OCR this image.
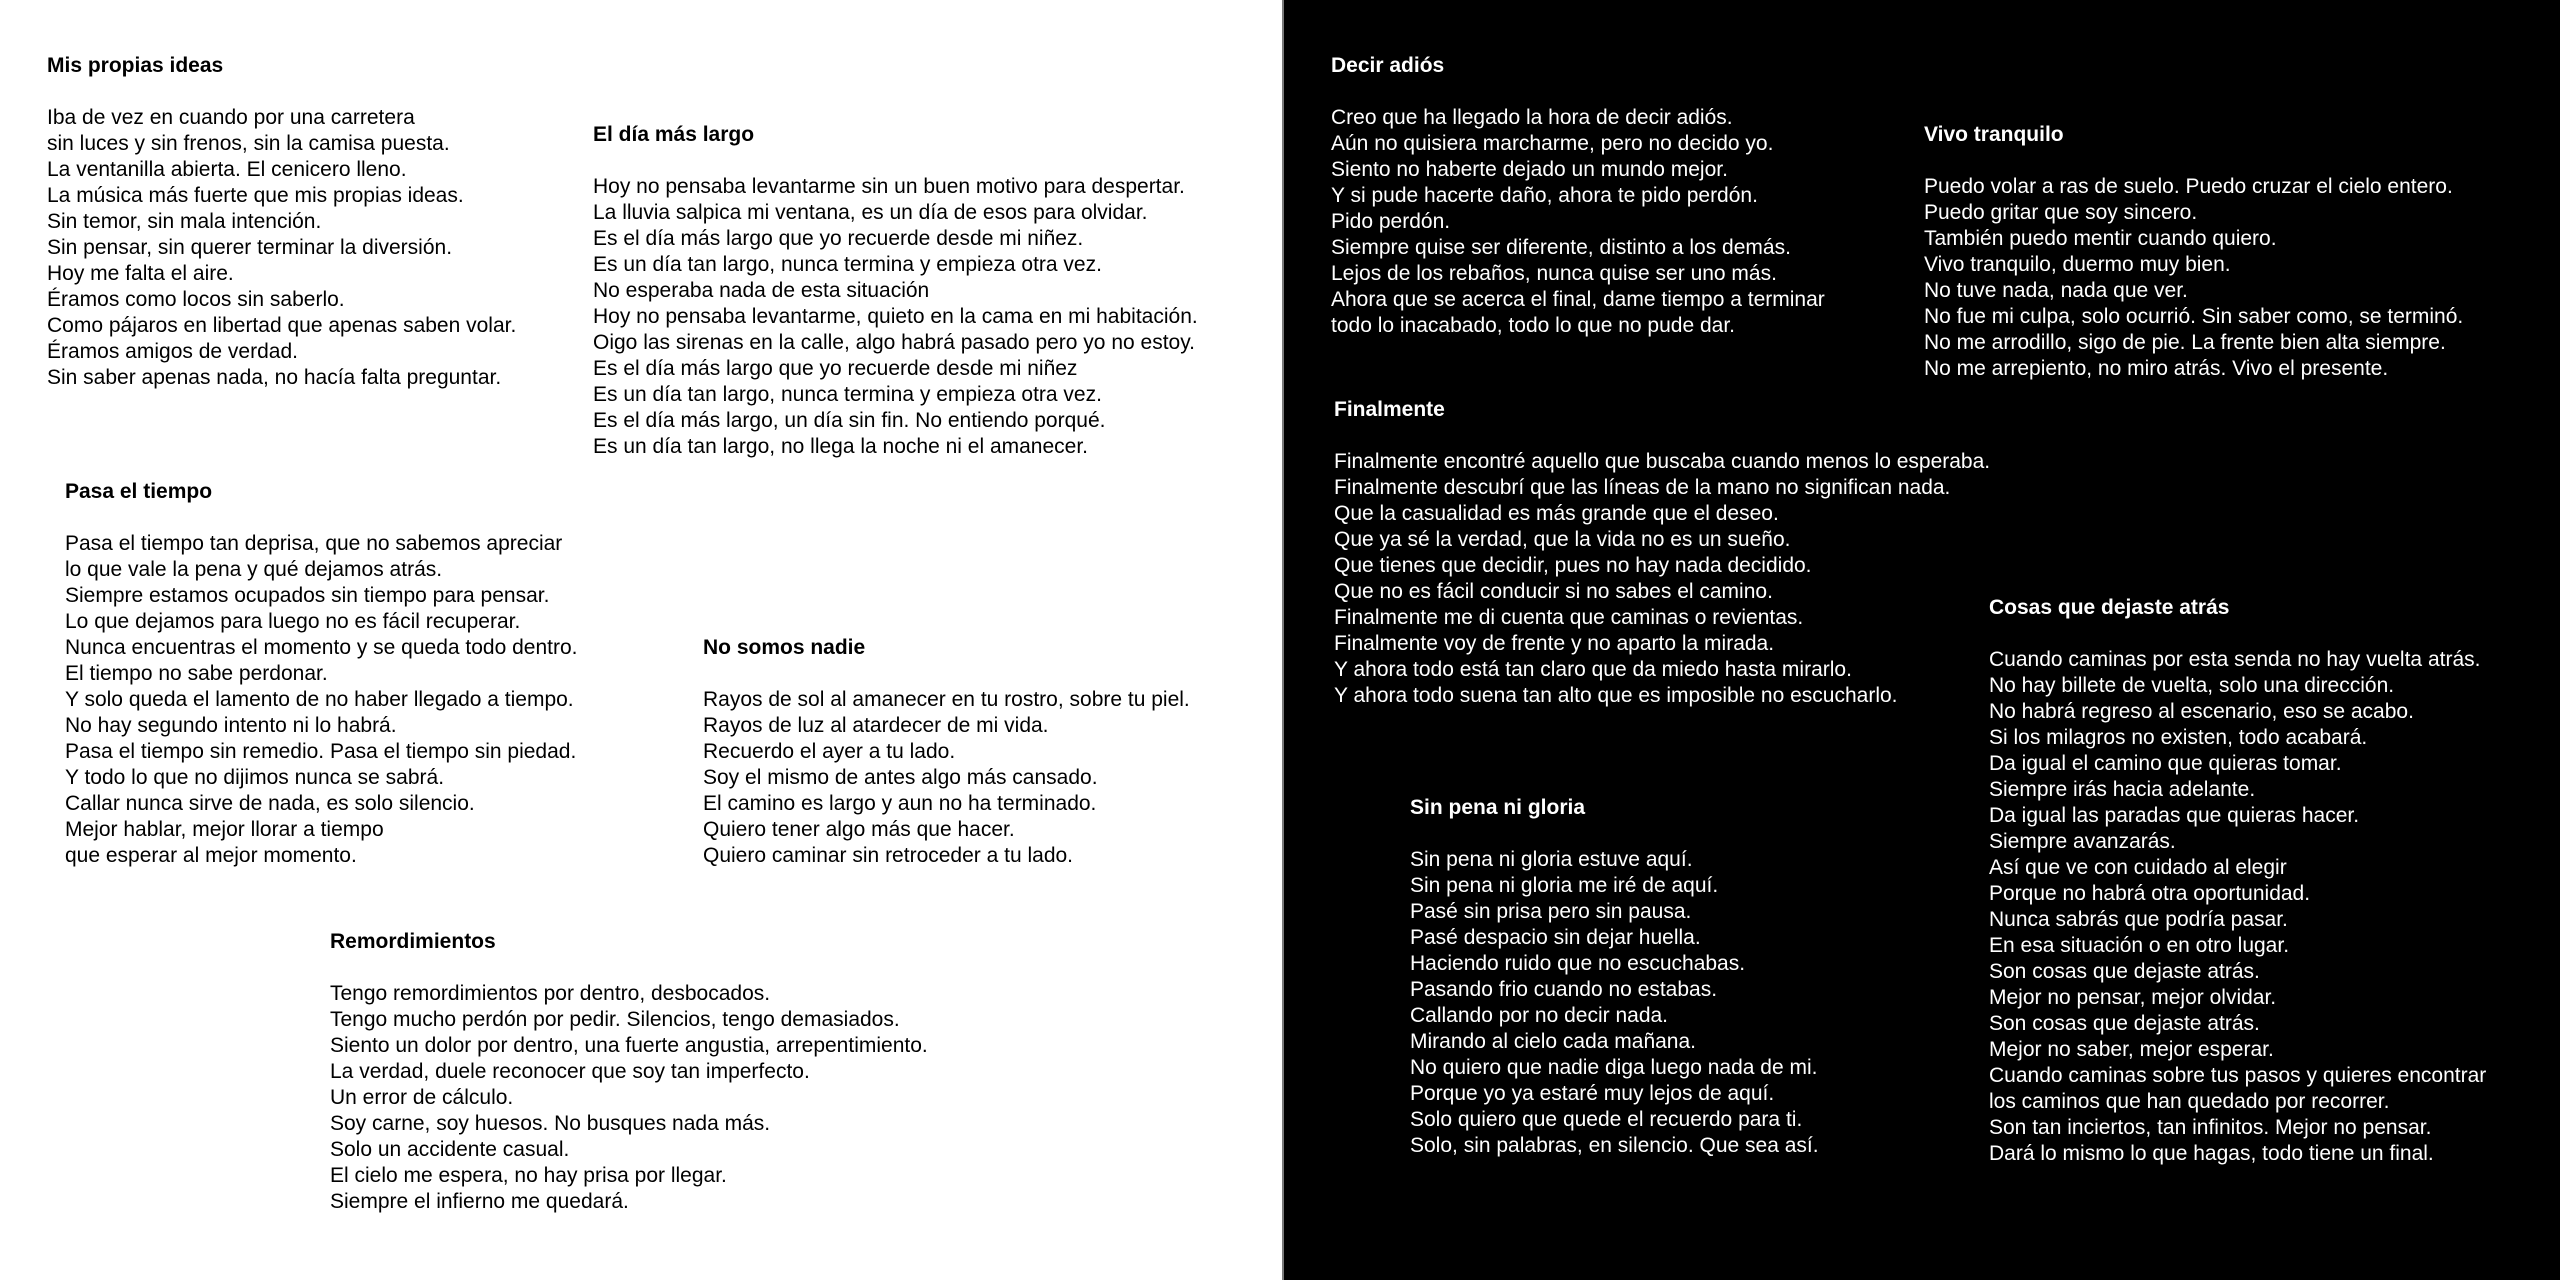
Mis propias ideas
Iba de vez en cuando por una carretera
sin luces y sin frenos, sin la camisa puesta.
La ventanilla abierta. El cenicero lleno.
La música más fuerte que mis propias ideas.
Sin temor, sin mala intención.
Sin pensar, sin querer terminar la diversión.
Hoy me falta el aire.
Éramos como locos sin saberlo.
Como pájaros en libertad que apenas saben volar.
Éramos amigos de verdad.
Sin saber apenas nada, no hacía falta preguntar.
El día más largo
Hoy no pensaba levantarme sin un buen motivo para despertar.
La lluvia salpica mi ventana, es un día de esos para olvidar.
Es el día más largo que yo recuerde desde mi niñez.
Es un día tan largo, nunca termina y empieza otra vez.
No esperaba nada de esta situación
Hoy no pensaba levantarme, quieto en la cama en mi habitación.
Oigo las sirenas en la calle, algo habrá pasado pero yo no estoy.
Es el día más largo que yo recuerde desde mi niñez
Es un día tan largo, nunca termina y empieza otra vez.
Es el día más largo, un día sin fin. No entiendo porqué.
Es un día tan largo, no llega la noche ni el amanecer.
Pasa el tiempo
Pasa el tiempo tan deprisa, que no sabemos apreciar
lo que vale la pena y qué dejamos atrás.
Siempre estamos ocupados sin tiempo para pensar.
Lo que dejamos para luego no es fácil recuperar.
Nunca encuentras el momento y se queda todo dentro.
El tiempo no sabe perdonar.
Y solo queda el lamento de no haber llegado a tiempo.
No hay segundo intento ni lo habrá.
Pasa el tiempo sin remedio. Pasa el tiempo sin piedad.
Y todo lo que no dijimos nunca se sabrá.
Callar nunca sirve de nada, es solo silencio.
Mejor hablar, mejor llorar a tiempo
que esperar al mejor momento.
No somos nadie
Rayos de sol al amanecer en tu rostro, sobre tu piel.
Rayos de luz al atardecer de mi vida.
Recuerdo el ayer a tu lado.
Soy el mismo de antes algo más cansado.
El camino es largo y aun no ha terminado.
Quiero tener algo más que hacer.
Quiero caminar sin retroceder a tu lado.
Remordimientos
Tengo remordimientos por dentro, desbocados.
Tengo mucho perdón por pedir. Silencios, tengo demasiados.
Siento un dolor por dentro, una fuerte angustia, arrepentimiento.
La verdad, duele reconocer que soy tan imperfecto.
Un error de cálculo.
Soy carne, soy huesos. No busques nada más.
Solo un accidente casual.
El cielo me espera, no hay prisa por llegar.
Siempre el infierno me quedará.
Decir adiós
Creo que ha llegado la hora de decir adiós.
Aún no quisiera marcharme, pero no decido yo.
Siento no haberte dejado un mundo mejor.
Y si pude hacerte daño, ahora te pido perdón.
Pido perdón.
Siempre quise ser diferente, distinto a los demás.
Lejos de los rebaños, nunca quise ser uno más.
Ahora que se acerca el final, dame tiempo a terminar
todo lo inacabado, todo lo que no pude dar.
Vivo tranquilo
Puedo volar a ras de suelo. Puedo cruzar el cielo entero.
Puedo gritar que soy sincero.
También puedo mentir cuando quiero.
Vivo tranquilo, duermo muy bien.
No tuve nada, nada que ver.
No fue mi culpa, solo ocurrió. Sin saber como, se terminó.
No me arrodillo, sigo de pie. La frente bien alta siempre.
No me arrepiento, no miro atrás. Vivo el presente.
Finalmente
Finalmente encontré aquello que buscaba cuando menos lo esperaba.
Finalmente descubrí que las líneas de la mano no significan nada.
Que la casualidad es más grande que el deseo.
Que ya sé la verdad, que la vida no es un sueño.
Que tienes que decidir, pues no hay nada decidido.
Que no es fácil conducir si no sabes el camino.
Finalmente me di cuenta que caminas o revientas.
Finalmente voy de frente y no aparto la mirada.
Y ahora todo está tan claro que da miedo hasta mirarlo.
Y ahora todo suena tan alto que es imposible no escucharlo.
Cosas que dejaste atrás
Cuando caminas por esta senda no hay vuelta atrás.
No hay billete de vuelta, solo una dirección.
No habrá regreso al escenario, eso se acabo.
Si los milagros no existen, todo acabará.
Da igual el camino que quieras tomar.
Siempre irás hacia adelante.
Da igual las paradas que quieras hacer.
Siempre avanzarás.
Así que ve con cuidado al elegir
Porque no habrá otra oportunidad.
Nunca sabrás que podría pasar.
En esa situación o en otro lugar.
Son cosas que dejaste atrás.
Mejor no pensar, mejor olvidar.
Son cosas que dejaste atrás.
Mejor no saber, mejor esperar.
Cuando caminas sobre tus pasos y quieres encontrar
los caminos que han quedado por recorrer.
Son tan inciertos, tan infinitos. Mejor no pensar.
Dará lo mismo lo que hagas, todo tiene un final.
Sin pena ni gloria
Sin pena ni gloria estuve aquí.
Sin pena ni gloria me iré de aquí.
Pasé sin prisa pero sin pausa.
Pasé despacio sin dejar huella.
Haciendo ruido que no escuchabas.
Pasando frio cuando no estabas.
Callando por no decir nada.
Mirando al cielo cada mañana.
No quiero que nadie diga luego nada de mi.
Porque yo ya estaré muy lejos de aquí.
Solo quiero que quede el recuerdo para ti.
Solo, sin palabras, en silencio. Que sea así.
